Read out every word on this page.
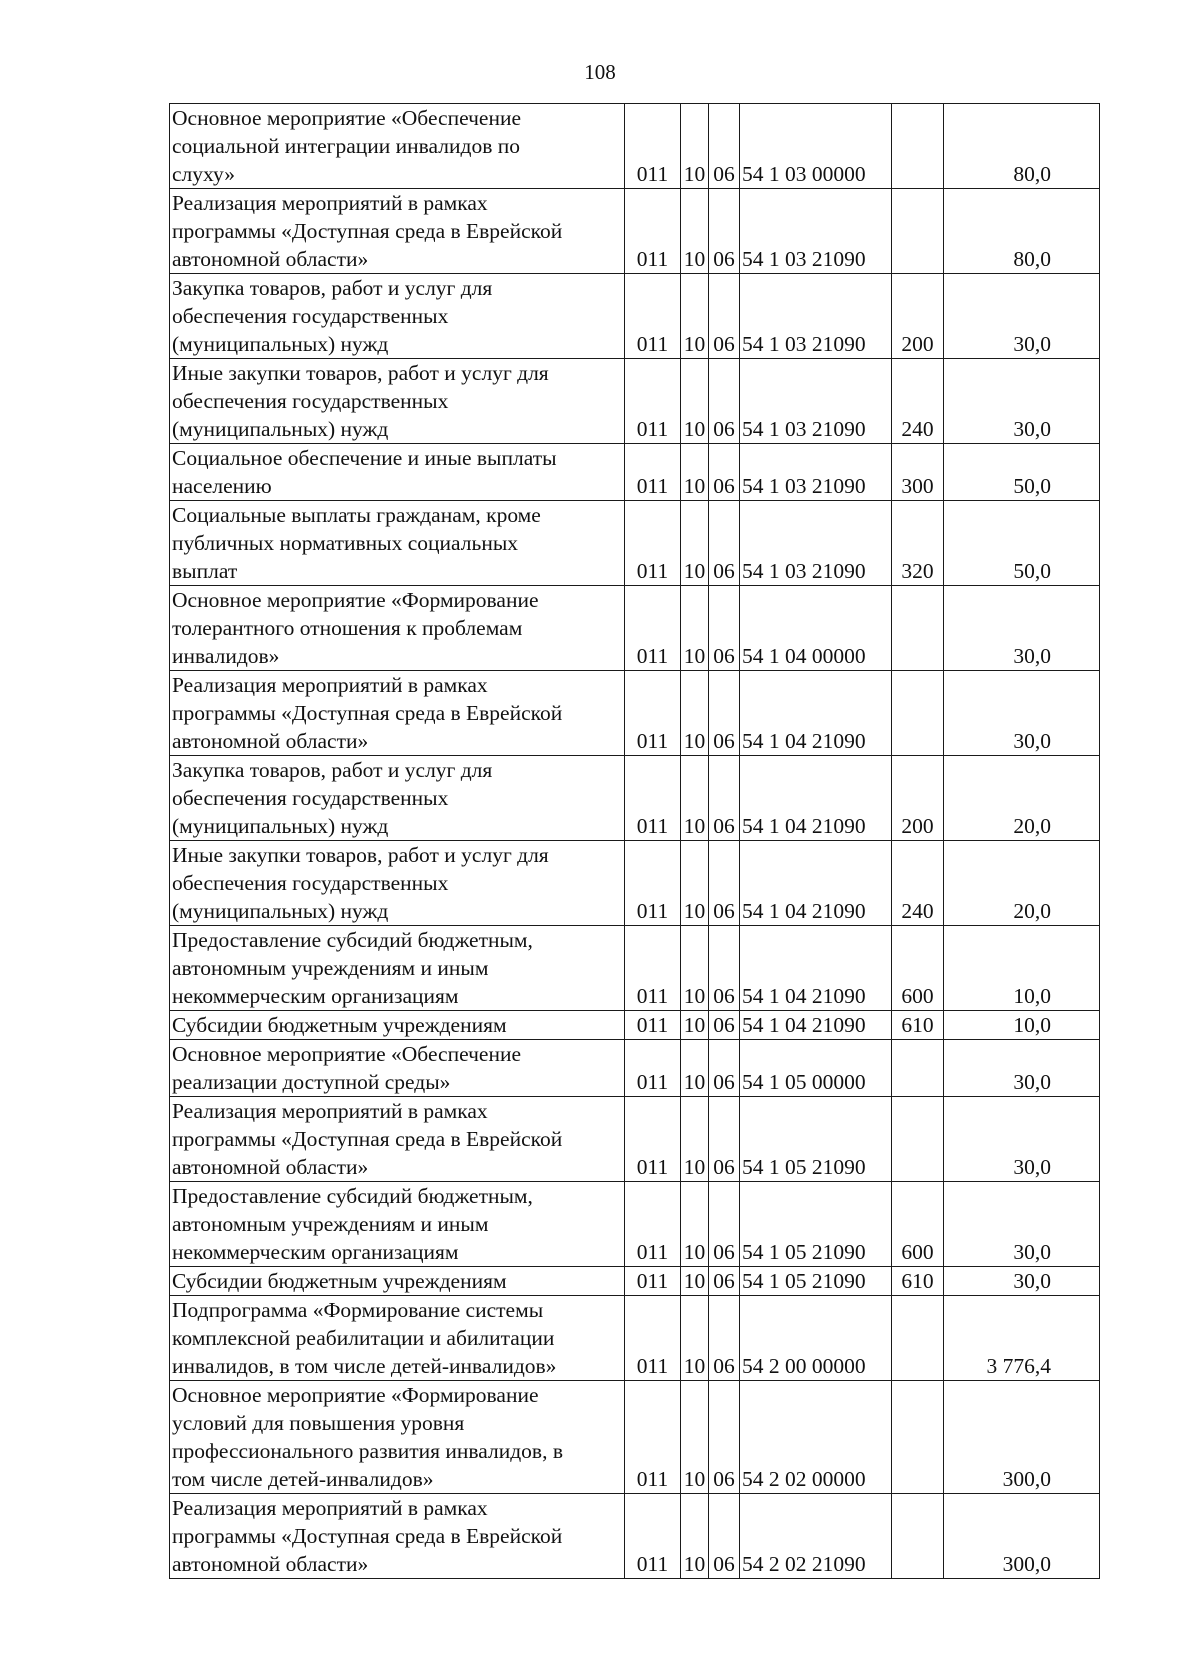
108
Основное мероприятие «Обеспечение
социальной интеграции инвалидов по
слуху»	011	10	06	54 1 03 00000		80,0

Реализация мероприятий в рамках
программы «Доступная среда в Еврейской
автономной области»	011	10	06	54 1 03 21090		80,0

Закупка товаров, работ и услуг для
обеспечения государственных
(муниципальных) нужд	011	10	06	54 1 03 21090	200	30,0

Иные закупки товаров, работ и услуг для
обеспечения государственных
(муниципальных) нужд	011	10	06	54 1 03 21090	240	30,0

Социальное обеспечение и иные выплаты
населению	011	10	06	54 1 03 21090	300	50,0

Социальные выплаты гражданам, кроме
публичных нормативных социальных
выплат	011	10	06	54 1 03 21090	320	50,0

Основное мероприятие «Формирование
толерантного отношения к проблемам
инвалидов»	011	10	06	54 1 04 00000		30,0

Реализация мероприятий в рамках
программы «Доступная среда в Еврейской
автономной области»	011	10	06	54 1 04 21090		30,0

Закупка товаров, работ и услуг для
обеспечения государственных
(муниципальных) нужд	011	10	06	54 1 04 21090	200	20,0

Иные закупки товаров, работ и услуг для
обеспечения государственных
(муниципальных) нужд	011	10	06	54 1 04 21090	240	20,0

Предоставление субсидий бюджетным,
автономным учреждениям и иным
некоммерческим организациям	011	10	06	54 1 04 21090	600	10,0

Субсидии бюджетным учреждениям	011	10	06	54 1 04 21090	610	10,0

Основное мероприятие «Обеспечение
реализации доступной среды»	011	10	06	54 1 05 00000		30,0

Реализация мероприятий в рамках
программы «Доступная среда в Еврейской
автономной области»	011	10	06	54 1 05 21090		30,0

Предоставление субсидий бюджетным,
автономным учреждениям и иным
некоммерческим организациям	011	10	06	54 1 05 21090	600	30,0

Субсидии бюджетным учреждениям	011	10	06	54 1 05 21090	610	30,0

Подпрограмма «Формирование системы
комплексной реабилитации и абилитации
инвалидов, в том числе детей-инвалидов»	011	10	06	54 2 00 00000		3 776,4

Основное мероприятие «Формирование
условий для повышения уровня
профессионального развития инвалидов, в
том числе детей-инвалидов»	011	10	06	54 2 02 00000		300,0

Реализация мероприятий в рамках
программы «Доступная среда в Еврейской
автономной области»	011	10	06	54 2 02 21090		300,0
